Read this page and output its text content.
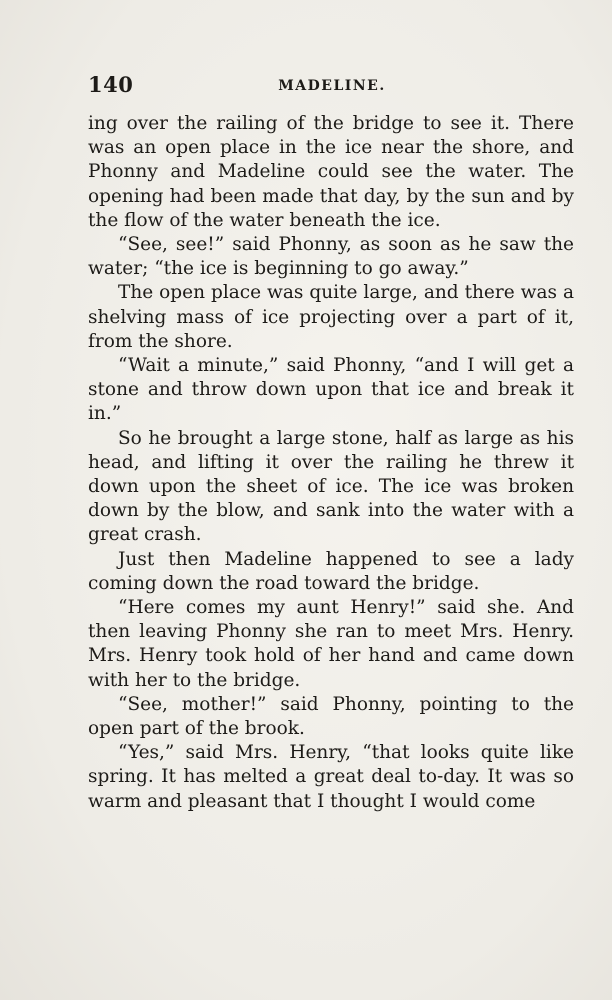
140	MADELINE.

ing over the railing of the bridge to see it. There was an open place in the ice near the shore, and Phonny and Madeline could see the water. The opening had been made that day, by the sun and by the flow of the water beneath the ice.

“See, see!” said Phonny, as soon as he saw the water; “the ice is beginning to go away.”

The open place was quite large, and there was a shelving mass of ice projecting over a part of it, from the shore.

“Wait a minute,” said Phonny, “and I will get a stone and throw down upon that ice and break it in.”

So he brought a large stone, half as large as his head, and lifting it over the railing he threw it down upon the sheet of ice. The ice was broken down by the blow, and sank into the water with a great crash.

Just then Madeline happened to see a lady coming down the road toward the bridge.

“Here comes my aunt Henry!” said she. And then leaving Phonny she ran to meet Mrs. Henry. Mrs. Henry took hold of her hand and came down with her to the bridge.

“See, mother!” said Phonny, pointing to the open part of the brook.

“Yes,” said Mrs. Henry, “that looks quite like spring. It has melted a great deal to-day. It was so warm and pleasant that I thought I would come
